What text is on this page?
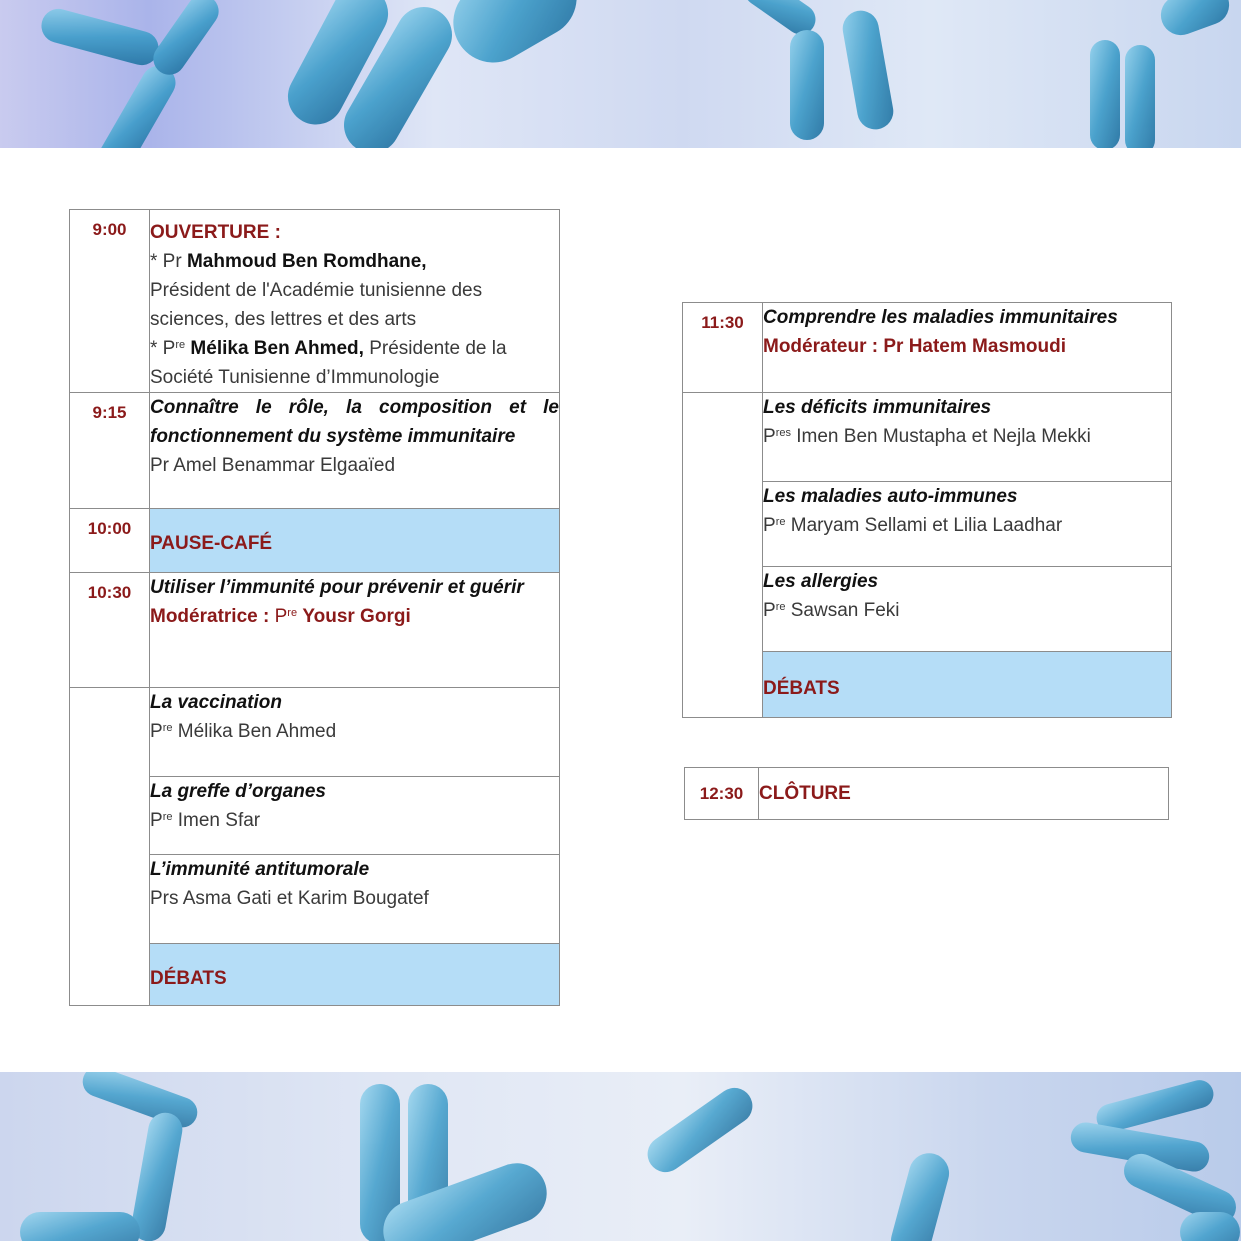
9:00	OUVERTURE :
* Pr Mahmoud Ben Romdhane,
Président de l'Académie tunisienne des sciences, des lettres et des arts
* $P^{re}$ Mélika Ben Ahmed, Présidente de la Société Tunisienne d’Immunologie

9:15	Connaître le rôle, la composition et le fonctionnement du système immunitaire
Pr Amel Benammar Elgaaïed

10:00	PAUSE-CAFÉ

10:30	Utiliser l’immunité pour prévenir et guérir
Modératrice : $P^{re}$ Yousr Gorgi

	La vaccination
$P^{re}$ Mélika Ben Ahmed

	La greffe d’organes
$P^{re}$ Imen Sfar

	L’immunité antitumorale
Prs Asma Gati et Karim Bougatef

	DÉBATS
11:30	Comprendre les maladies immunitaires
Modérateur : Pr Hatem Masmoudi

	Les déficits immunitaires
$P^{res}$ Imen Ben Mustapha et Nejla Mekki

	Les maladies auto-immunes
$P^{re}$ Maryam Sellami et Lilia Laadhar

	Les allergies
$P^{re}$ Sawsan Feki

	DÉBATS
12:30	CLÔTURE
